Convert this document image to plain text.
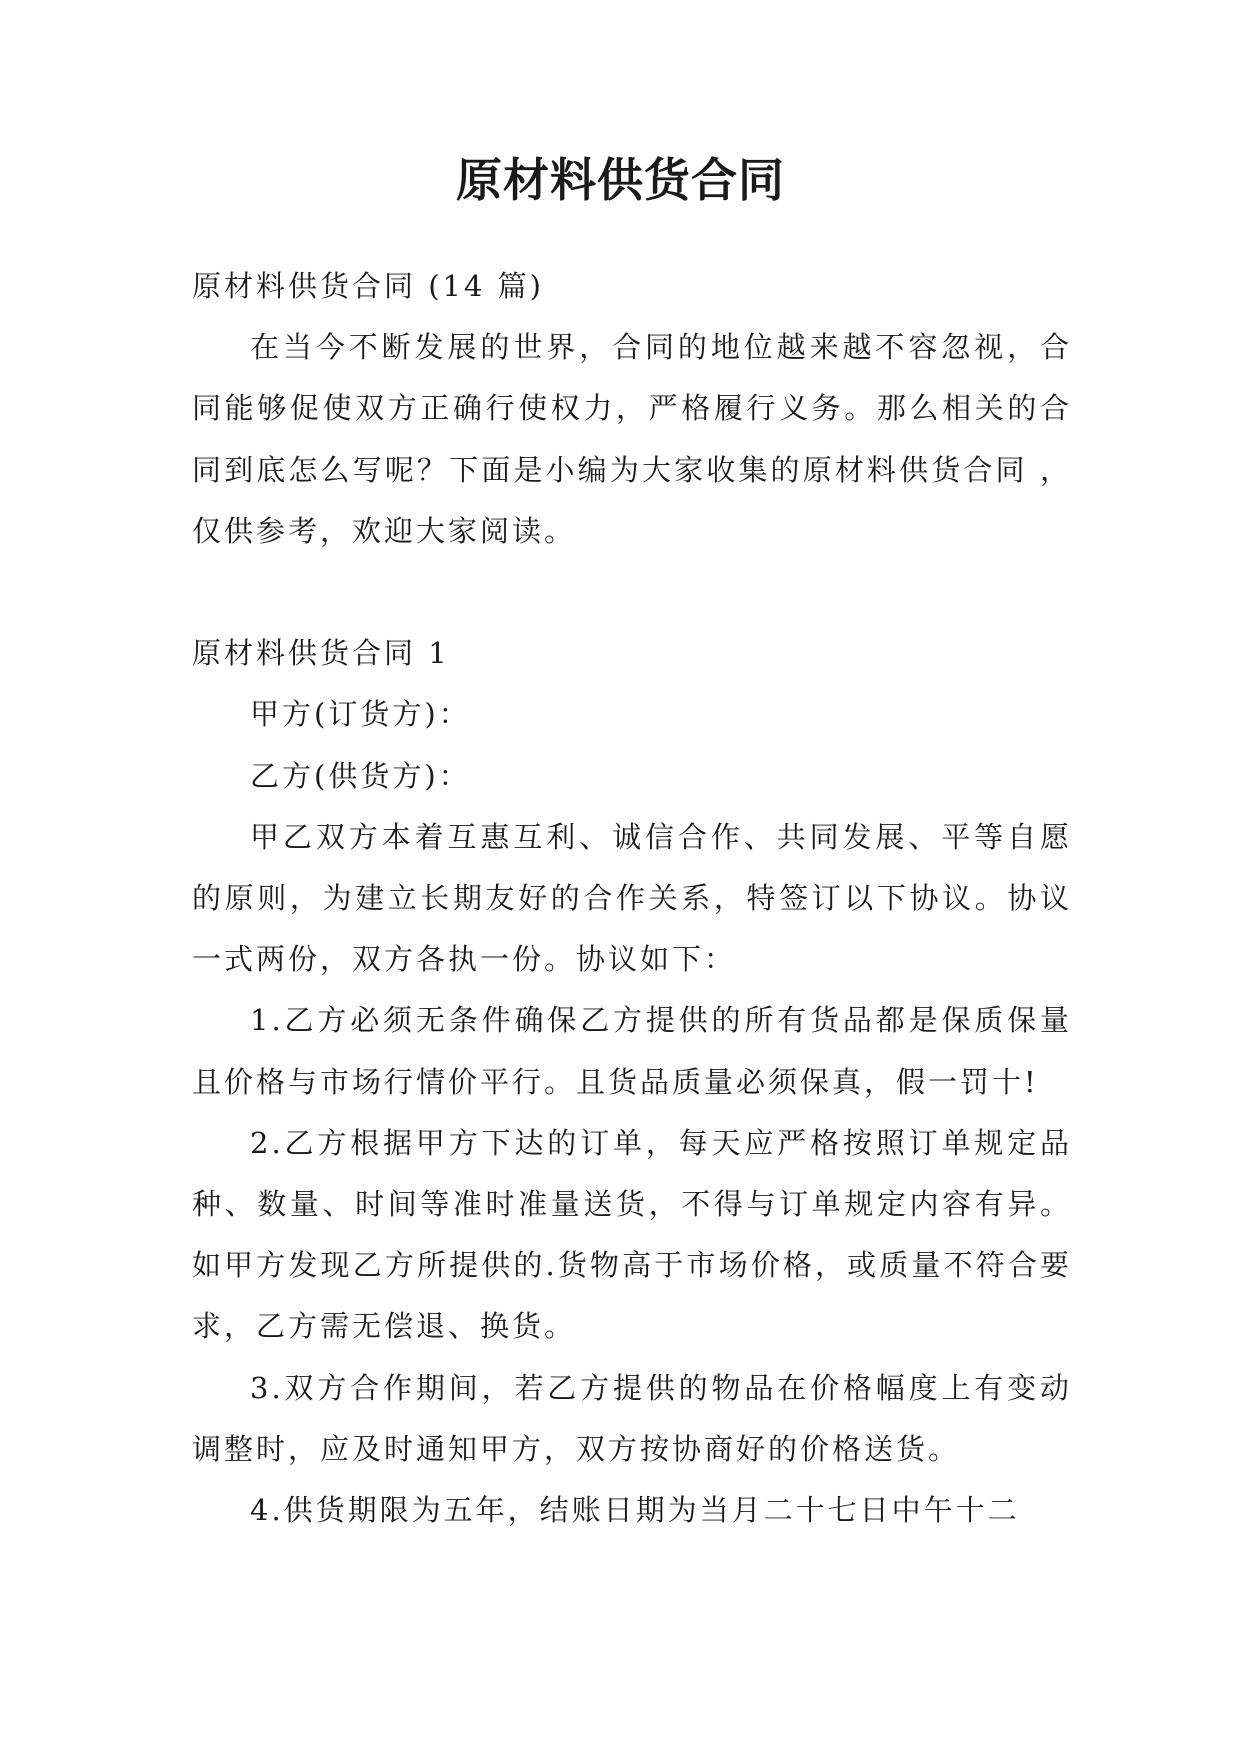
原材料供货合同

原材料供货合同 (14 篇)

在当今不断发展的世界，合同的地位越来越不容忽视，合同能够促使双方正确行使权力，严格履行义务。那么相关的合同到底怎么写呢？下面是小编为大家收集的原材料供货合同 ，仅供参考，欢迎大家阅读。

原材料供货合同 1

甲方(订货方)：

乙方(供货方)：

甲乙双方本着互惠互利、诚信合作、共同发展、平等自愿的原则，为建立长期友好的合作关系，特签订以下协议。协议一式两份，双方各执一份。协议如下：

1.乙方必须无条件确保乙方提供的所有货品都是保质保量且价格与市场行情价平行。且货品质量必须保真，假一罚十!

2.乙方根据甲方下达的订单，每天应严格按照订单规定品种、数量、时间等准时准量送货，不得与订单规定内容有异。如甲方发现乙方所提供的.货物高于市场价格，或质量不符合要求，乙方需无偿退、换货。

3.双方合作期间，若乙方提供的物品在价格幅度上有变动调整时，应及时通知甲方，双方按协商好的价格送货。

4.供货期限为五年，结账日期为当月二十七日中午十二
